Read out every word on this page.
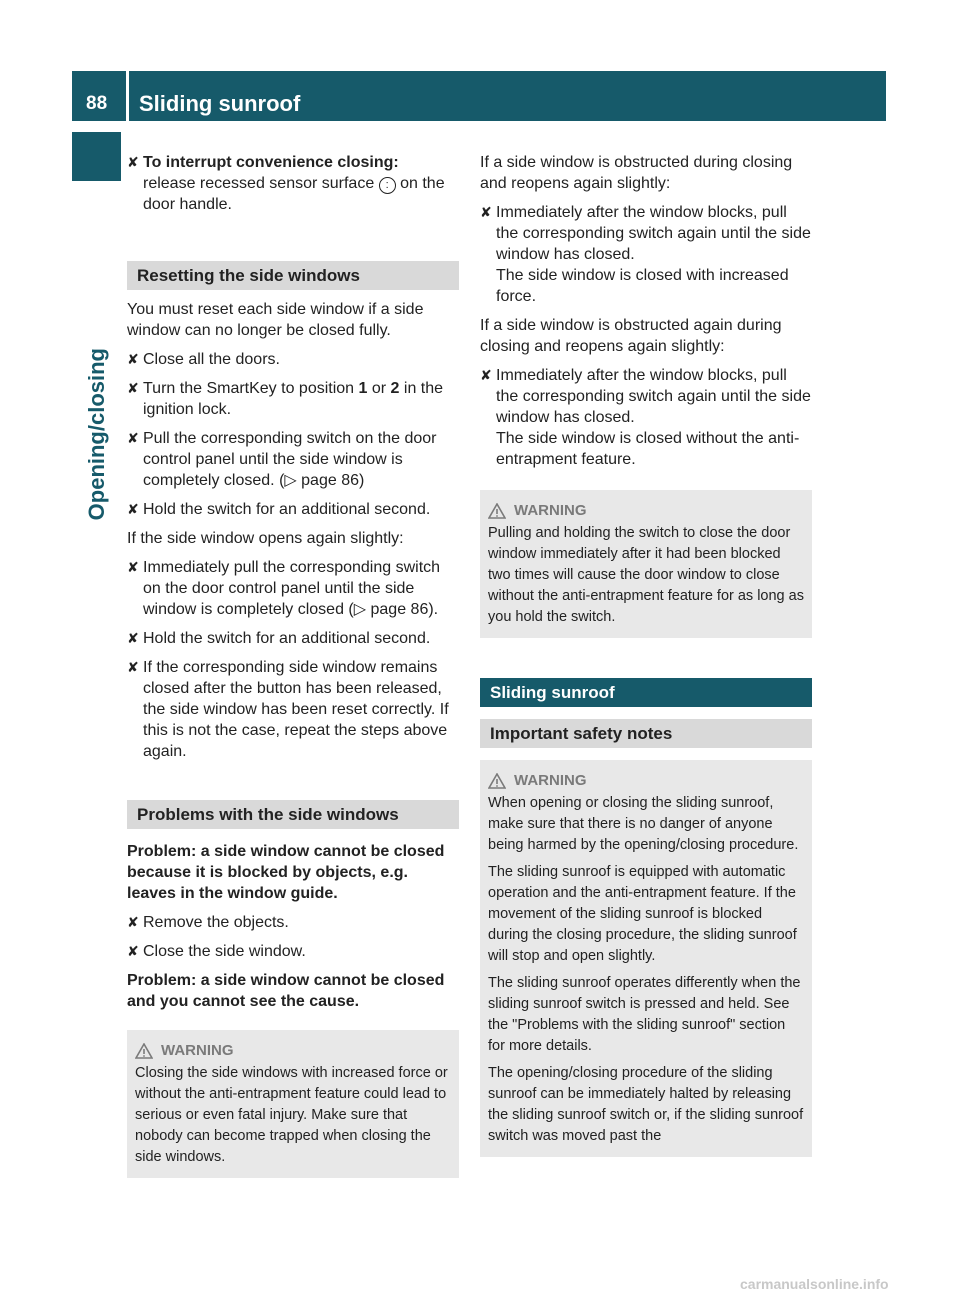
88 Sliding sunroof
Opening/closing
✘ To interrupt convenience closing:
release recessed sensor surface : on the door handle.
Resetting the side windows

You must reset each side window if a side window can no longer be closed fully.

✘ Close all the doors.
✘ Turn the SmartKey to position 1 or 2 in the ignition lock.
✘ Pull the corresponding switch on the door control panel until the side window is completely closed. (▷ page 86)
✘ Hold the switch for an additional second.

If the side window opens again slightly:

✘ Immediately pull the corresponding switch on the door control panel until the side window is completely closed (▷ page 86).
✘ Hold the switch for an additional second.
✘ If the corresponding side window remains closed after the button has been released, the side window has been reset correctly. If this is not the case, repeat the steps above again.
Problems with the side windows

Problem: a side window cannot be closed because it is blocked by objects, e.g. leaves in the window guide.

✘ Remove the objects.
✘ Close the side window.

Problem: a side window cannot be closed and you cannot see the cause.

WARNING

Closing the side windows with increased force or without the anti-entrapment feature could lead to serious or even fatal injury. Make sure that nobody can become trapped when closing the side windows.

If a side window is obstructed during closing and reopens again slightly:

✘ Immediately after the window blocks, pull the corresponding switch again until the side window has closed.
The side window is closed with increased force.

If a side window is obstructed again during closing and reopens again slightly:

✘ Immediately after the window blocks, pull the corresponding switch again until the side window has closed.
The side window is closed without the anti-entrapment feature.
WARNING

Pulling and holding the switch to close the door window immediately after it had been blocked two times will cause the door window to close without the anti-entrapment feature for as long as you hold the switch.

Sliding sunroof
Important safety notes
WARNING

When opening or closing the sliding sunroof, make sure that there is no danger of anyone being harmed by the opening/closing procedure.

The sliding sunroof is equipped with automatic operation and the anti-entrapment feature. If the movement of the sliding sunroof is blocked during the closing procedure, the sliding sunroof will stop and open slightly.

The sliding sunroof operates differently when the sliding sunroof switch is pressed and held. See the "Problems with the sliding sunroof" section for more details.

The opening/closing procedure of the sliding sunroof can be immediately halted by releasing the sliding sunroof switch or, if the sliding sunroof switch was moved past the

carmanualsonline.info
